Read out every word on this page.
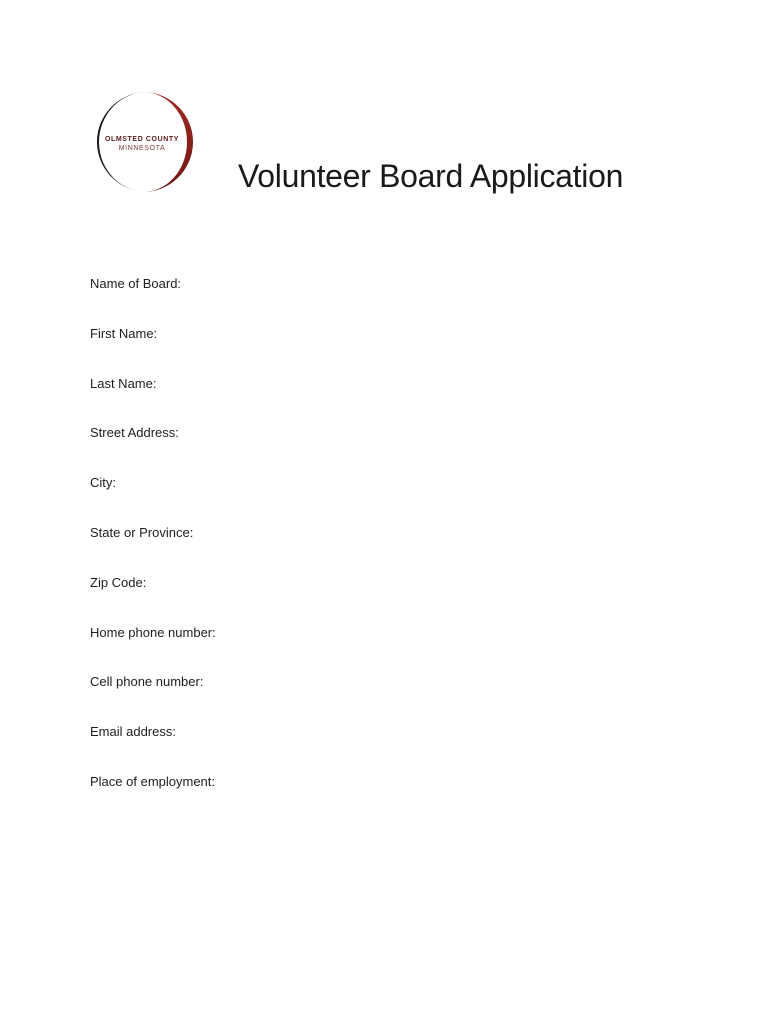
OLMSTED COUNTY
MINNESOTA
Volunteer Board Application
Name of Board:
First Name:
Last Name:
Street Address:
City:
State or Province:
Zip Code:
Home phone number:
Cell phone number:
Email address:
Place of employment:
